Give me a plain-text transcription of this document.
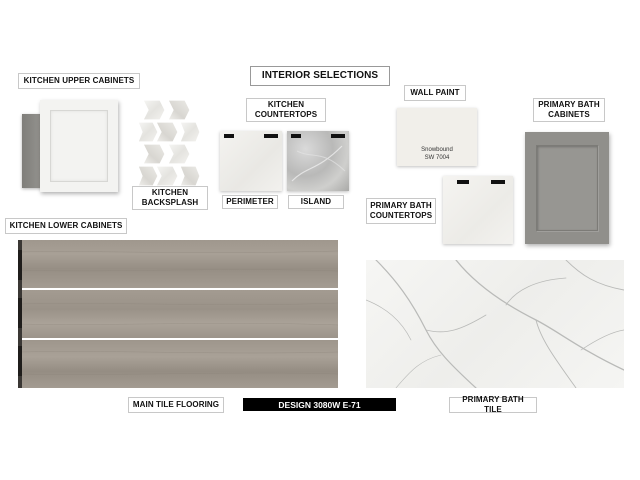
INTERIOR SELECTIONS
KITCHEN UPPER CABINETS
KITCHEN
BACKSPLASH
KITCHEN
COUNTERTOPS
PERIMETER	ISLAND
WALL PAINT
Snowbound
SW 7004
PRIMARY BATH
COUNTERTOPS
PRIMARY BATH
CABINETS
KITCHEN LOWER CABINETS
MAIN TILE FLOORING	DESIGN 3080W E-71	PRIMARY BATH TILE
